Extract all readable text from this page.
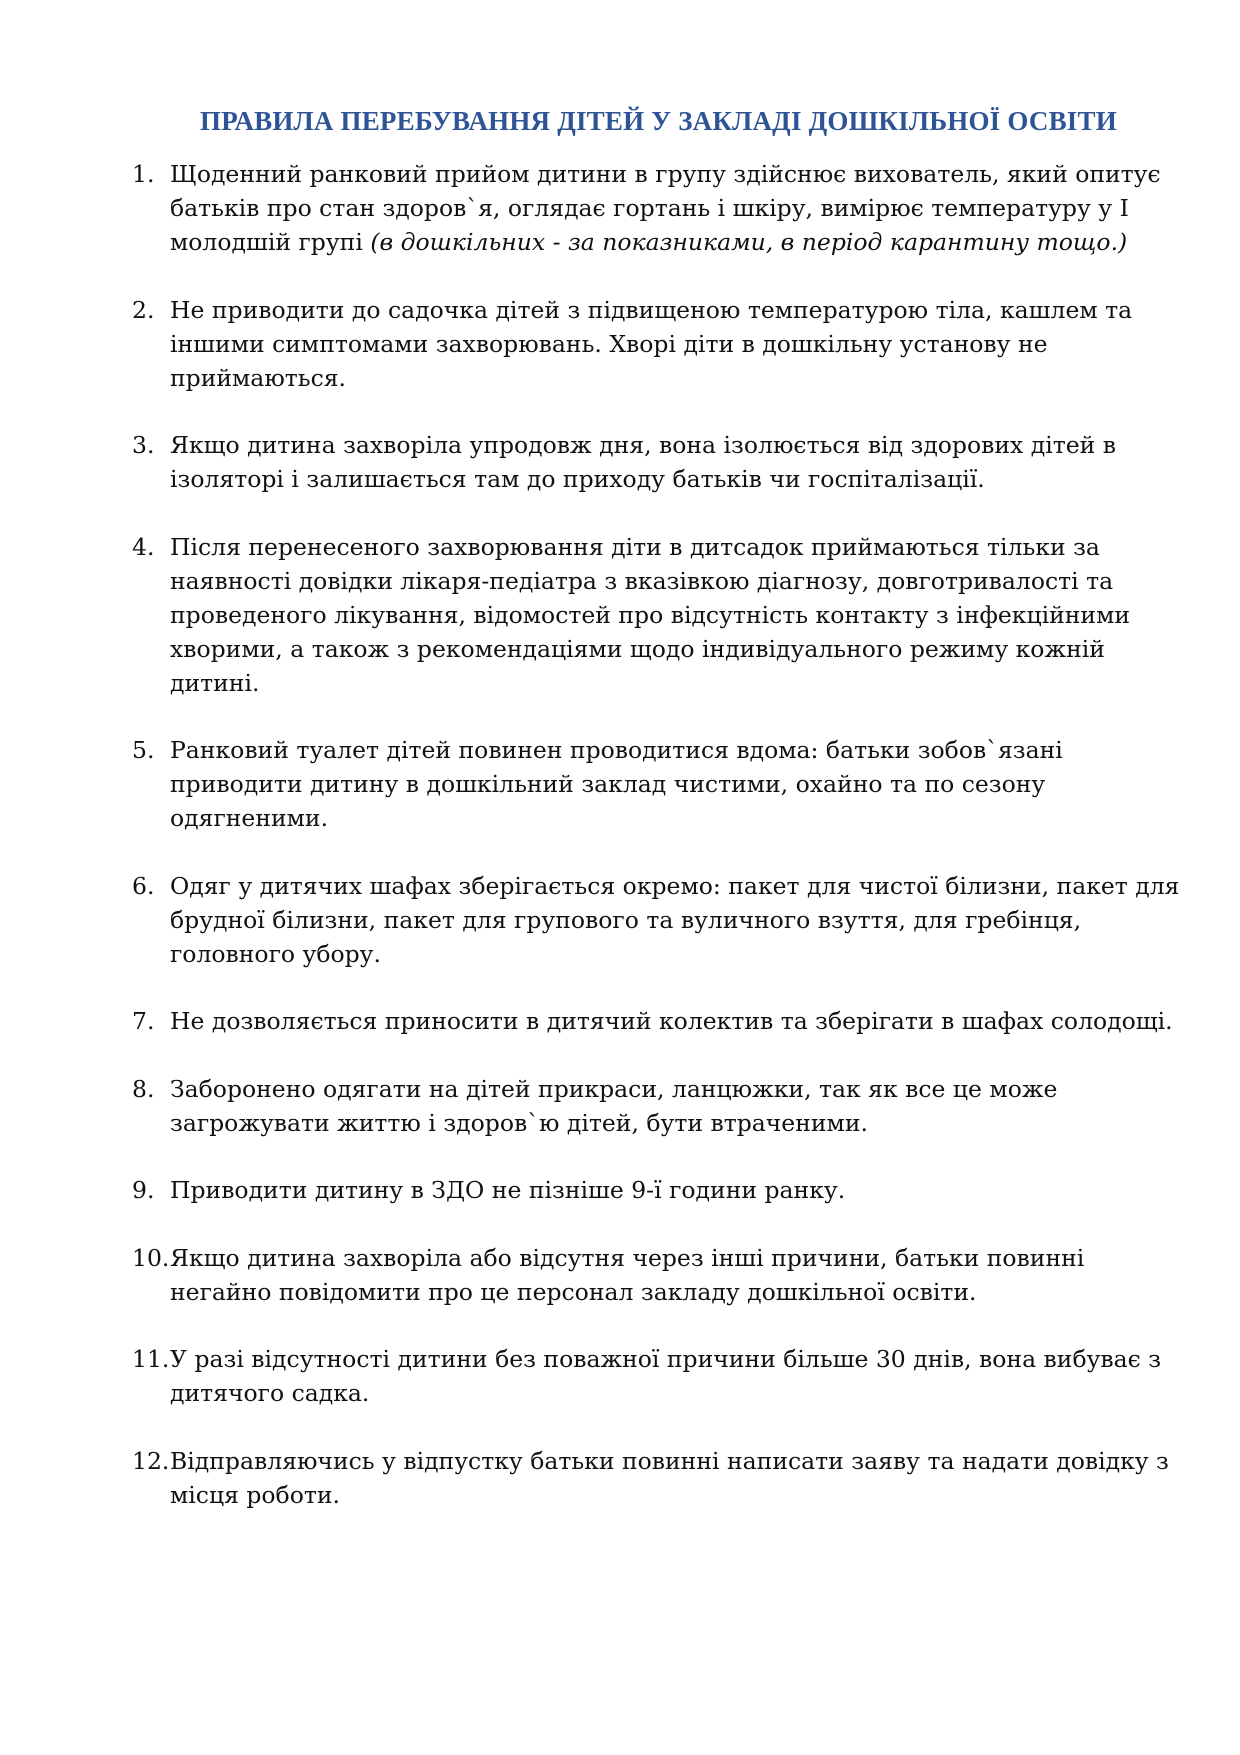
ПРАВИЛА ПЕРЕБУВАННЯ ДІТЕЙ У ЗАКЛАДІ ДОШКІЛЬНОЇ ОСВІТИ
1. Щоденний ранковий прийом дитини в групу здійснює вихователь, який опитує батьків про стан здоров`я, оглядає гортань і шкіру, вимірює температуру у І молодшій групі (в дошкільних - за показниками, в період карантину тощо.)
2. Не приводити до садочка дітей з підвищеною температурою тіла, кашлем та іншими симптомами захворювань. Хворі діти в дошкільну установу не приймаються.
3. Якщо дитина захворіла упродовж дня, вона ізолюється від здорових дітей в ізоляторі і залишається там до приходу батьків чи госпіталізації.
4. Після перенесеного захворювання діти в дитсадок приймаються тільки за наявності довідки лікаря-педіатра з вказівкою діагнозу, довготривалості та проведеного лікування, відомостей про відсутність контакту з інфекційними хворими, а також з рекомендаціями щодо індивідуального режиму кожній дитині.
5. Ранковий туалет дітей повинен проводитися вдома: батьки зобов`язані приводити дитину в дошкільний заклад чистими, охайно та по сезону одягненими.
6. Одяг у дитячих шафах зберігається окремо: пакет для чистої білизни, пакет для брудної білизни, пакет для групового та вуличного взуття, для гребінця, головного убору.
7. Не дозволяється приносити в дитячий колектив та зберігати в шафах солодощі.
8. Заборонено одягати на дітей прикраси, ланцюжки, так як все це може загрожувати життю і здоров`ю дітей, бути втраченими.
9. Приводити дитину в ЗДО не пізніше 9-ї години ранку.
10. Якщо дитина захворіла або відсутня через інші причини, батьки повинні негайно повідомити про це персонал закладу дошкільної освіти.
11. У разі відсутності дитини без поважної причини більше 30 днів, вона вибуває з дитячого садка.
12. Відправляючись у відпустку батьки повинні написати заяву та надати довідку з місця роботи.
